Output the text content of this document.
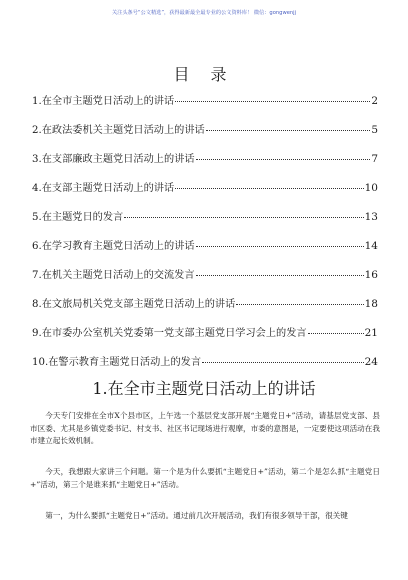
关注头条号“公文精选”，获得最新最全最专业的公文资料库！ 微信：gongwenjj
目 录
1. 在全市主题党日活动上的讲话	2
2. 在政法委机关主题党日活动上的讲话	5
3. 在支部廉政主题党日活动上的讲话	7
4. 在支部主题党日活动上的讲话	10
5. 在主题党日的发言	13
6. 在学习教育主题党日活动上的讲话	14
7. 在机关主题党日活动上的交流发言	16
8. 在文旅局机关党支部主题党日活动上的讲话	18
9. 在市委办公室机关党委第一党支部主题党日学习会上的发言	21
10. 在警示教育主题党日活动上的发言	24
1.在全市主题党日活动上的讲话

今天专门安排在全市X个县市区，上午选一个基层党支部开展“主题党日+”活动，请基层党支部、县市区委、尤其是乡镇党委书记、村支书、社区书记现场进行观摩，市委的意图是，一定要使这项活动在我市建立起长效机制。

今天，我想跟大家讲三个问题。第一个是为什么要抓“主题党日+”活动，第二个是怎么抓“主题党日+”活动，第三个是谁来抓“主题党日+”活动。

第一，为什么要抓“主题党日+”活动。通过前几次开展活动，我们有很多领导干部，很关键
